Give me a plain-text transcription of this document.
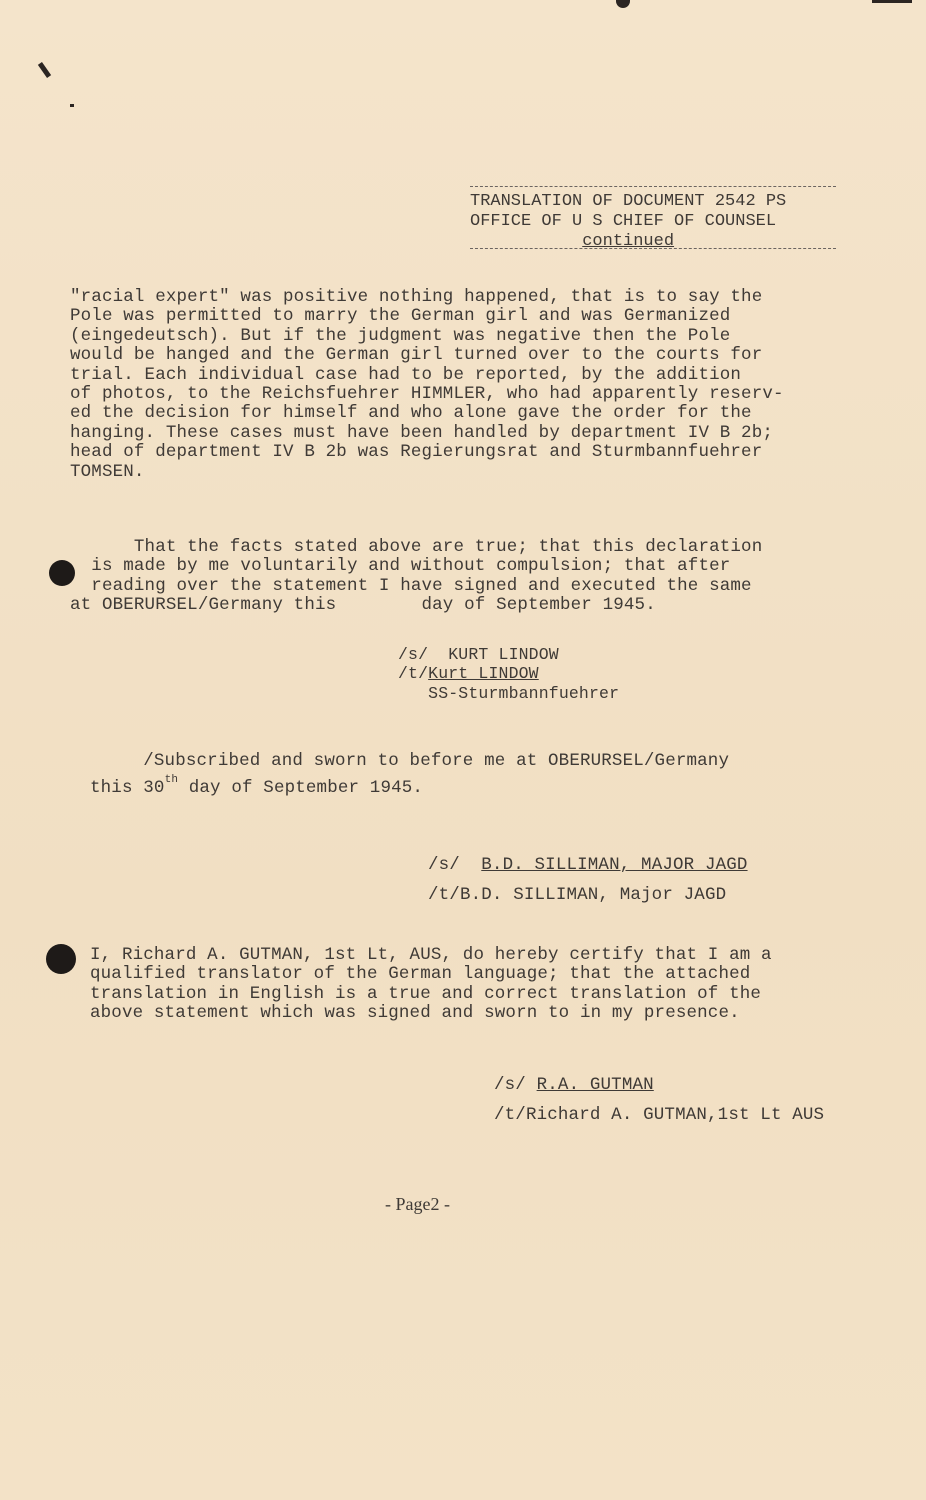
TRANSLATION OF DOCUMENT 2542 PS
OFFICE OF U S CHIEF OF COUNSEL
continued
"racial expert" was positive nothing happened, that is to say the
Pole was permitted to marry the German girl and was Germanized
(eingedeutsch). But if the judgment was negative then the Pole
would be hanged and the German girl turned over to the courts for
trial. Each individual case had to be reported, by the addition
of photos, to the Reichsfuehrer HIMMLER, who had apparently reserv-
ed the decision for himself and who alone gave the order for the
hanging. These cases must have been handled by department IV B 2b;
head of department IV B 2b was Regierungsrat and Sturmbannfuehrer
TOMSEN.
That the facts stated above are true; that this declaration
is made by me voluntarily and without compulsion; that after
reading over the statement I have signed and executed the same
at OBERURSEL/Germany this        day of September 1945.
/s/  KURT LINDOW
/t/Kurt LINDOW
SS-Sturmbannfuehrer
/Subscribed and sworn to before me at OBERURSEL/Germany
this 30th day of September 1945.
/s/  B.D. SILLIMAN, MAJOR JAGD
/t/B.D. SILLIMAN, Major JAGD
I, Richard A. GUTMAN, 1st Lt, AUS, do hereby certify that I am a
qualified translator of the German language; that the attached
translation in English is a true and correct translation of the
above statement which was signed and sworn to in my presence.
/s/ R.A. GUTMAN
/t/Richard A. GUTMAN,1st Lt AUS
- Page2 -
